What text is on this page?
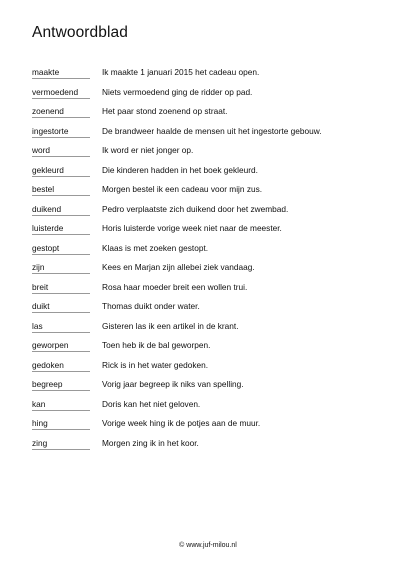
Antwoordblad
maakte	Ik maakte 1 januari 2015 het cadeau open.
vermoedend	Niets vermoedend ging de ridder op pad.
zoenend	Het paar stond zoenend op straat.
ingestorte	De brandweer haalde de mensen uit het ingestorte gebouw.
word	Ik word er niet jonger op.
gekleurd	Die kinderen hadden in het boek gekleurd.
bestel	Morgen bestel ik een cadeau voor mijn zus.
duikend	Pedro verplaatste zich duikend door het zwembad.
luisterde	Horis luisterde vorige week niet naar de meester.
gestopt	Klaas is met zoeken gestopt.
zijn	Kees en Marjan zijn allebei ziek vandaag.
breit	Rosa haar moeder breit een wollen trui.
duikt	Thomas duikt onder water.
las	Gisteren las ik een artikel in de krant.
geworpen	Toen heb ik de bal geworpen.
gedoken	Rick is in het water gedoken.
begreep	Vorig jaar begreep ik niks van spelling.
kan	Doris kan het niet geloven.
hing	Vorige week hing ik de potjes aan de muur.
zing	Morgen zing ik in het koor.
© www.juf-milou.nl
